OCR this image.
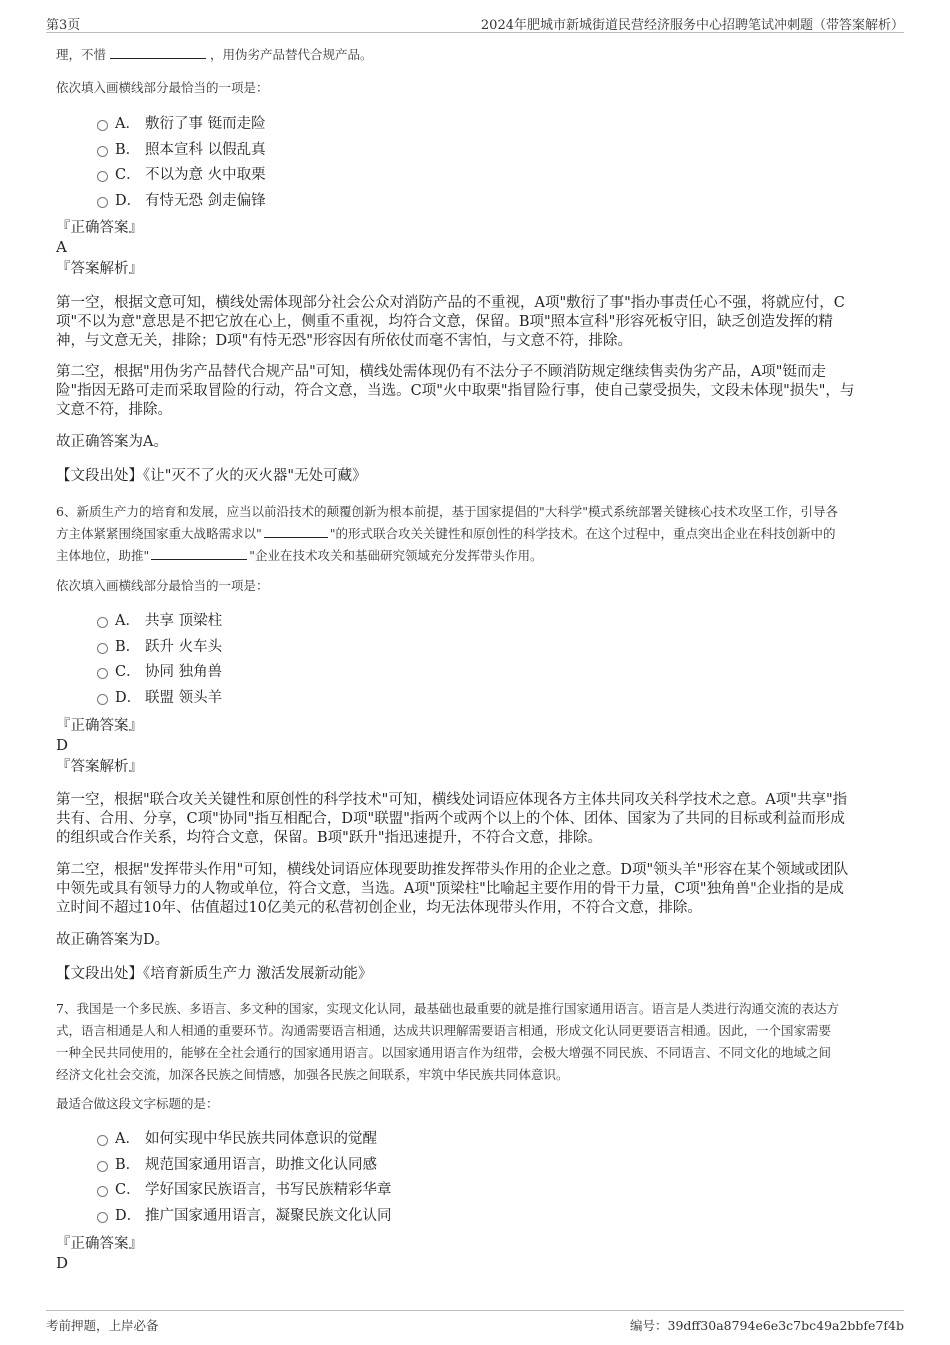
第3页	2024年肥城市新城街道民营经济服务中心招聘笔试冲刺题（带答案解析）

理，不惜	，用伪劣产品替代合规产品。

依次填入画横线部分最恰当的一项是：

A． 敷衍了事 铤而走险
B． 照本宣科 以假乱真
C． 不以为意 火中取栗
D． 有恃无恐 剑走偏锋

『正确答案』

A

『答案解析』

第一空，根据文意可知，横线处需体现部分社会公众对消防产品的不重视，A项"敷衍了事"指办事责任心不强，将就应付，C
项"不以为意"意思是不把它放在心上，侧重不重视，均符合文意，保留。B项"照本宣科"形容死板守旧，缺乏创造发挥的精
神，与文意无关，排除；D项"有恃无恐"形容因有所依仗而毫不害怕，与文意不符，排除。
第二空，根据"用伪劣产品替代合规产品"可知，横线处需体现仍有不法分子不顾消防规定继续售卖伪劣产品，A项"铤而走
险"指因无路可走而采取冒险的行动，符合文意，当选。C项"火中取栗"指冒险行事，使自己蒙受损失，文段未体现"损失"，与
文意不符，排除。

故正确答案为A。

【文段出处】《让"灭不了火的灭火器"无处可藏》

6、新质生产力的培育和发展，应当以前沿技术的颠覆创新为根本前提，基于国家提倡的"大科学"模式系统部署关键核心技术攻坚工作，引导各
方主体紧紧围绕国家重大战略需求以"	"的形式联合攻关关键性和原创性的科学技术。在这个过程中，重点突出企业在科技创新中的
主体地位，助推"	"企业在技术攻关和基础研究领域充分发挥带头作用。

依次填入画横线部分最恰当的一项是：

A． 共享 顶梁柱
B． 跃升 火车头
C． 协同 独角兽
D． 联盟 领头羊

『正确答案』

D

『答案解析』

第一空，根据"联合攻关关键性和原创性的科学技术"可知，横线处词语应体现各方主体共同攻关科学技术之意。A项"共享"指
共有、合用、分享，C项"协同"指互相配合，D项"联盟"指两个或两个以上的个体、团体、国家为了共同的目标或利益而形成
的组织或合作关系，均符合文意，保留。B项"跃升"指迅速提升，不符合文意，排除。
第二空，根据"发挥带头作用"可知，横线处词语应体现要助推发挥带头作用的企业之意。D项"领头羊"形容在某个领域或团队
中领先或具有领导力的人物或单位，符合文意，当选。A项"顶梁柱"比喻起主要作用的骨干力量，C项"独角兽"企业指的是成
立时间不超过10年、估值超过10亿美元的私营初创企业，均无法体现带头作用，不符合文意，排除。

故正确答案为D。

【文段出处】《培育新质生产力 激活发展新动能》

7、我国是一个多民族、多语言、多文种的国家，实现文化认同，最基础也最重要的就是推行国家通用语言。语言是人类进行沟通交流的表达方
式，语言相通是人和人相通的重要环节。沟通需要语言相通，达成共识理解需要语言相通，形成文化认同更要语言相通。因此，一个国家需要
一种全民共同使用的，能够在全社会通行的国家通用语言。以国家通用语言作为纽带，会极大增强不同民族、不同语言、不同文化的地域之间
经济文化社会交流，加深各民族之间情感，加强各民族之间联系，牢筑中华民族共同体意识。

最适合做这段文字标题的是：

A． 如何实现中华民族共同体意识的觉醒
B． 规范国家通用语言，助推文化认同感
C． 学好国家民族语言，书写民族精彩华章
D． 推广国家通用语言，凝聚民族文化认同

『正确答案』

D

考前押题，上岸必备	编号：39dff30a8794e6e3c7bc49a2bbfe7f4b
